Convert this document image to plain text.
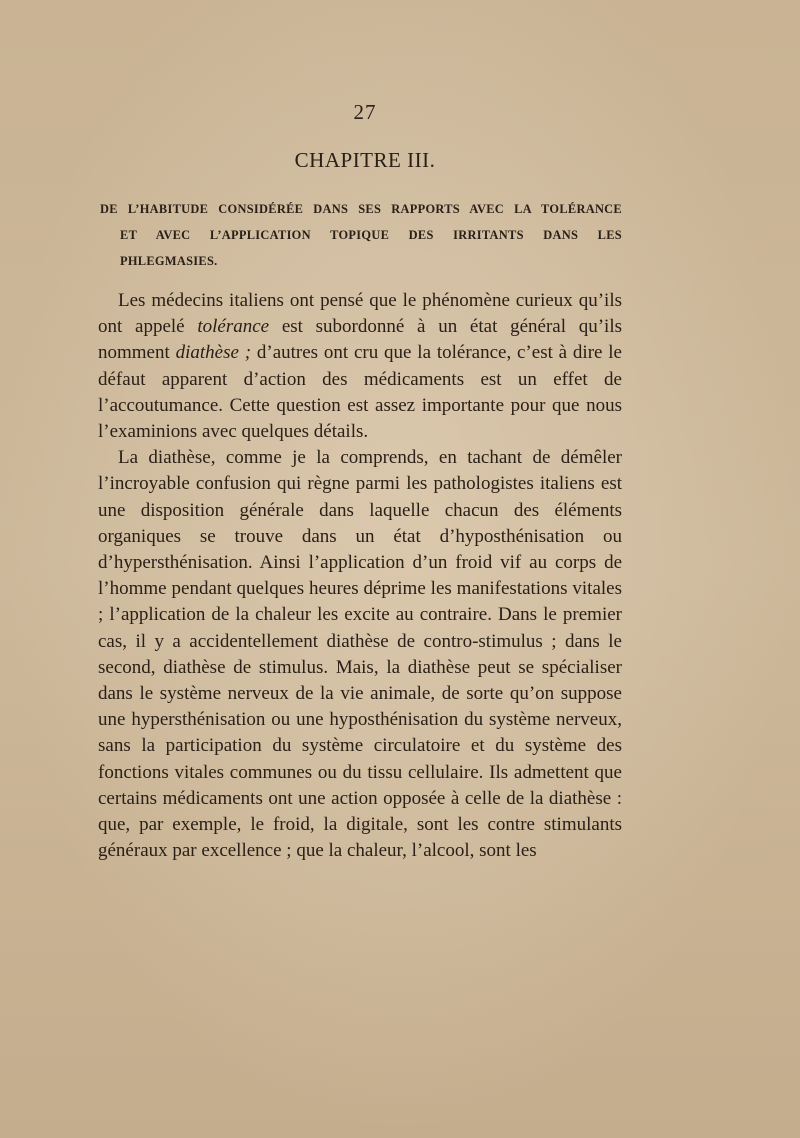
27
CHAPITRE III.
DE L’HABITUDE CONSIDÉRÉE DANS SES RAPPORTS AVEC LA TOLÉRANCE
ET AVEC L’APPLICATION TOPIQUE DES IRRITANTS DANS LES
PHLEGMASIES.

Les médecins italiens ont pensé que le phénomène curieux qu’ils ont appelé tolérance est subordonné à un état général qu’ils nomment diathèse ; d’autres ont cru que la tolérance, c’est à dire le défaut apparent d’action des médicaments est un effet de l’accoutumance. Cette question est assez importante pour que nous l’examinions avec quelques détails.

La diathèse, comme je la comprends, en tachant de démêler l’incroyable confusion qui règne parmi les pathologistes italiens est une disposition générale dans laquelle chacun des éléments organiques se trouve dans un état d’hyposthénisation ou d’hypersthénisation. Ainsi l’application d’un froid vif au corps de l’homme pendant quelques heures déprime les manifestations vitales ; l’application de la chaleur les excite au contraire. Dans le premier cas, il y a accidentellement diathèse de contro-stimulus ; dans le second, diathèse de stimulus. Mais, la diathèse peut se spécialiser dans le système nerveux de la vie animale, de sorte qu’on suppose une hypersthénisation ou une hyposthénisation du système nerveux, sans la participation du système circulatoire et du système des fonctions vitales communes ou du tissu cellulaire. Ils admettent que certains médicaments ont une action opposée à celle de la diathèse : que, par exemple, le froid, la digitale, sont les contre stimulants généraux par excellence ; que la chaleur, l’alcool, sont les
